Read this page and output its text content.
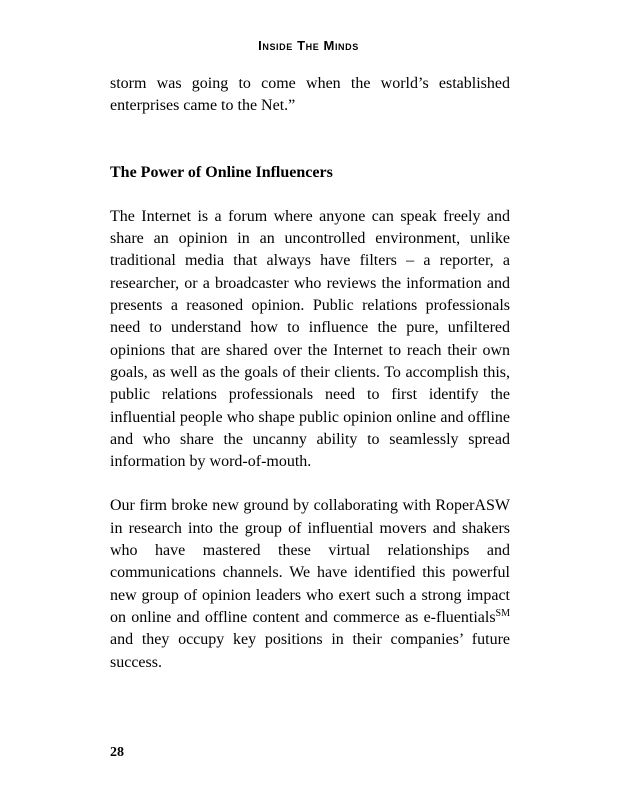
Inside The Minds

storm was going to come when the world’s established enterprises came to the Net.”

The Power of Online Influencers

The Internet is a forum where anyone can speak freely and share an opinion in an uncontrolled environment, unlike traditional media that always have filters – a reporter, a researcher, or a broadcaster who reviews the information and presents a reasoned opinion. Public relations professionals need to understand how to influence the pure, unfiltered opinions that are shared over the Internet to reach their own goals, as well as the goals of their clients. To accomplish this, public relations professionals need to first identify the influential people who shape public opinion online and offline and who share the uncanny ability to seamlessly spread information by word-of-mouth.

Our firm broke new ground by collaborating with RoperASW in research into the group of influential movers and shakers who have mastered these virtual relationships and communications channels. We have identified this powerful new group of opinion leaders who exert such a strong impact on online and offline content and commerce as e-fluentials℠ and they occupy key positions in their companies’ future success.

28
